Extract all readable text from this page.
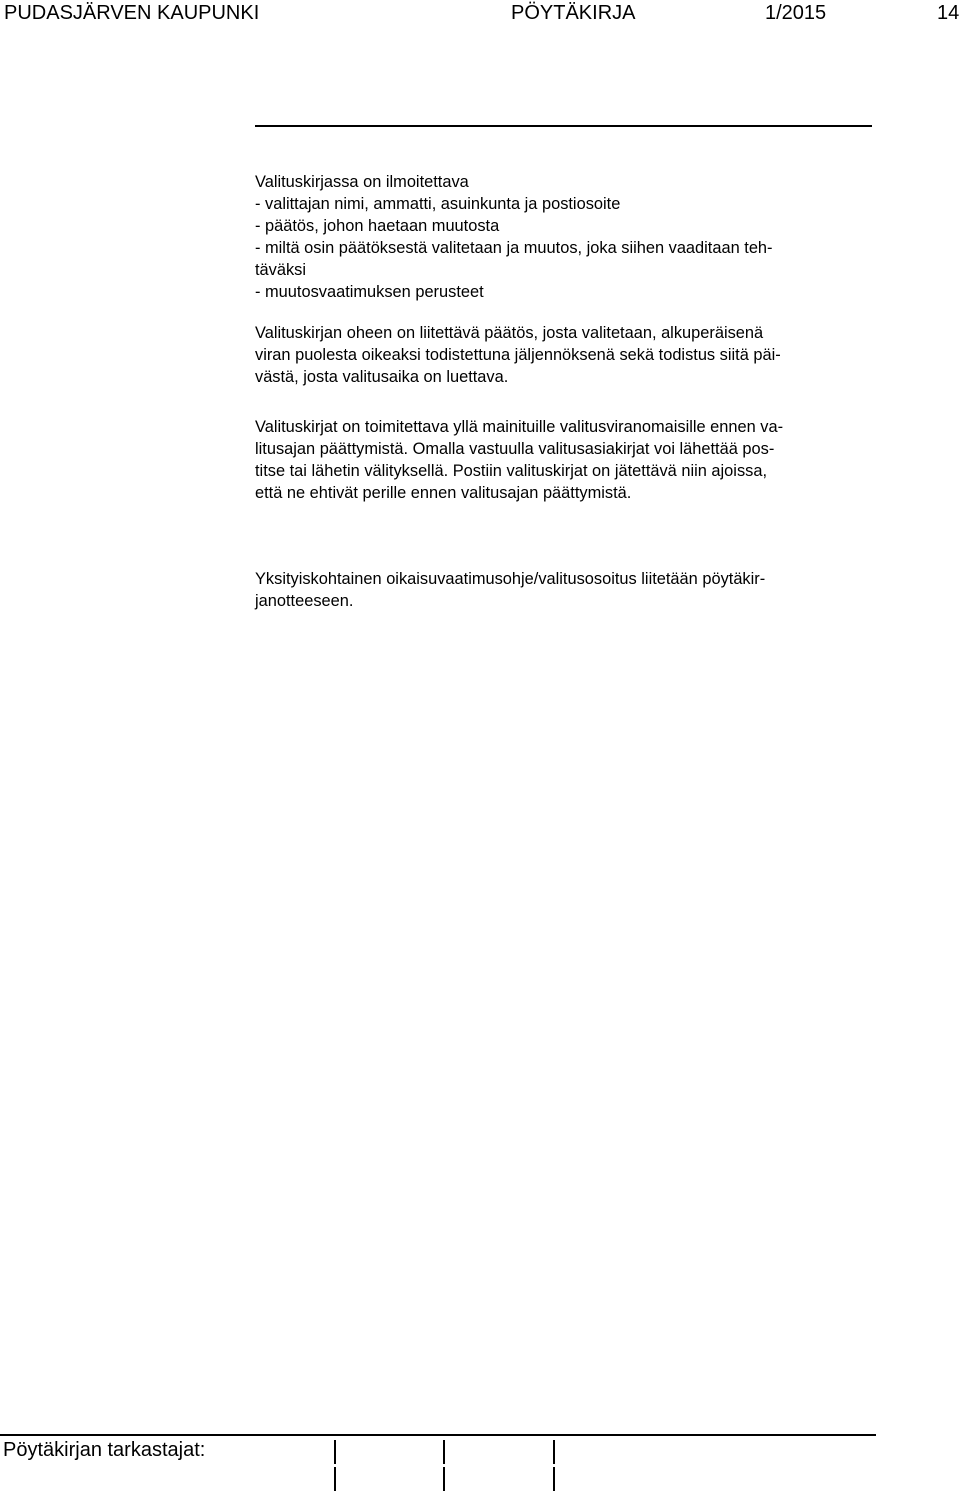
PUDASJÄRVEN KAUPUNKI	PÖYTÄKIRJA	1/2015	14

Valituskirjassa on ilmoitettava
- valittajan nimi, ammatti, asuinkunta ja postiosoite
- päätös, johon haetaan muutosta
- miltä osin päätöksestä valitetaan ja muutos, joka siihen vaaditaan teh-
täväksi
- muutosvaatimuksen perusteet

Valituskirjan oheen on liitettävä päätös, josta valitetaan, alkuperäisenä
viran puolesta oikeaksi todistettuna jäljennöksenä sekä todistus siitä päi-
västä, josta valitusaika on luettava.

Valituskirjat on toimitettava yllä mainituille valitusviranomaisille ennen va-
litusajan päättymistä. Omalla vastuulla valitusasiakirjat voi lähettää pos-
titse tai lähetin välityksellä. Postiin valituskirjat on jätettävä niin ajoissa,
että ne ehtivät perille ennen valitusajan päättymistä.

Yksityiskohtainen oikaisuvaatimusohje/valitusosoitus liitetään pöytäkir-
janotteeseen.

Pöytäkirjan tarkastajat:
